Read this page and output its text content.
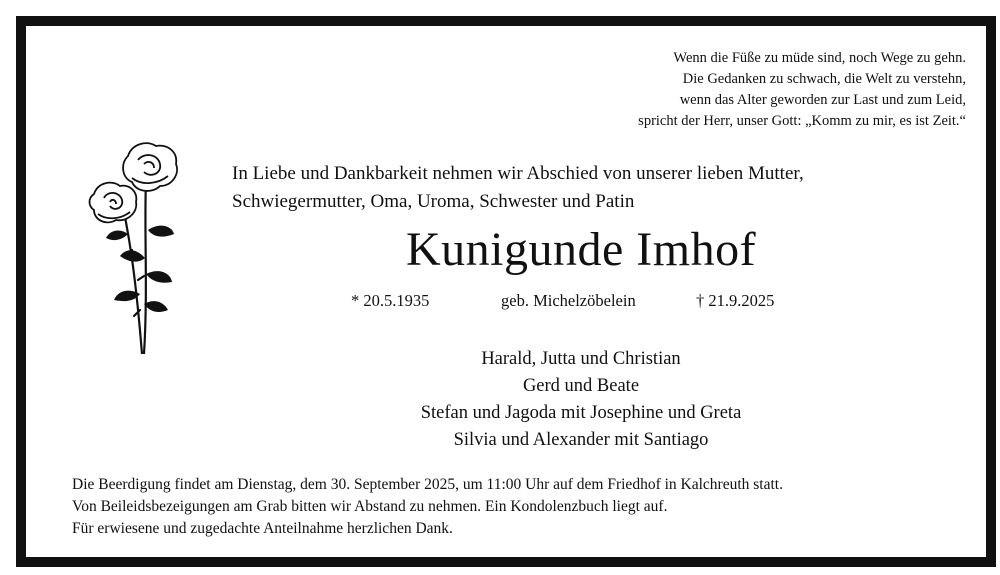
Wenn die Füße zu müde sind, noch Wege zu gehn.
Die Gedanken zu schwach, die Welt zu verstehn,
wenn das Alter geworden zur Last und zum Leid,
spricht der Herr, unser Gott: „Komm zu mir, es ist Zeit.“
In Liebe und Dankbarkeit nehmen wir Abschied von unserer lieben Mutter,
Schwiegermutter, Oma, Uroma, Schwester und Patin
Kunigunde Imhof
* 20.5.1935	geb. Michelzöbelein	† 21.9.2025
Harald, Jutta und Christian
Gerd und Beate
Stefan und Jagoda mit Josephine und Greta
Silvia und Alexander mit Santiago
Die Beerdigung findet am Dienstag, dem 30. September 2025, um 11:00 Uhr auf dem Friedhof in Kalchreuth statt.
Von Beileidsbezeigungen am Grab bitten wir Abstand zu nehmen. Ein Kondolenzbuch liegt auf.
Für erwiesene und zugedachte Anteilnahme herzlichen Dank.
